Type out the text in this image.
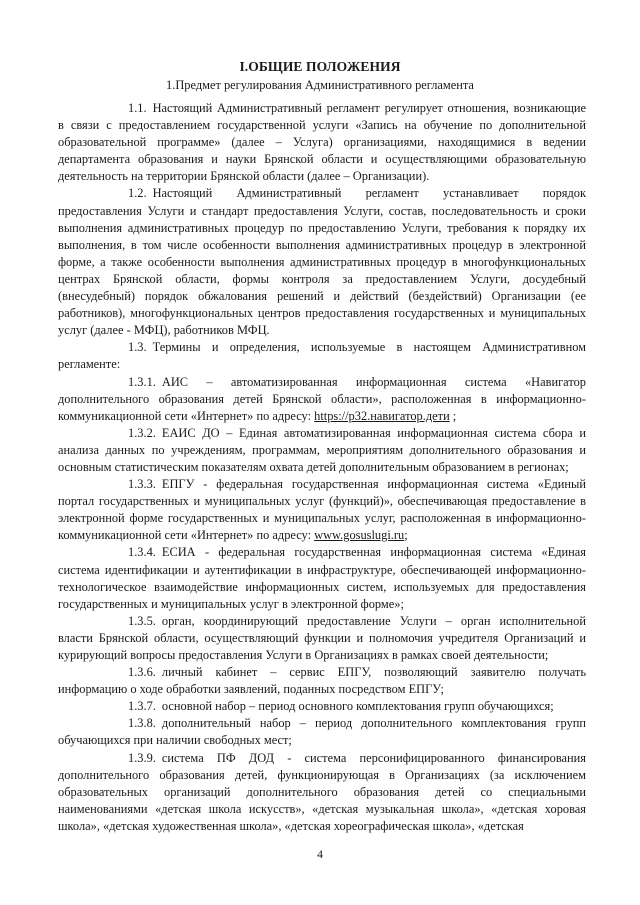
I.ОБЩИЕ ПОЛОЖЕНИЯ
1.Предмет регулирования Административного регламента

1.1. Настоящий Административный регламент регулирует отношения, возникающие в связи с предоставлением государственной услуги «Запись на обучение по дополнительной образовательной программе» (далее – Услуга) организациями, находящимися в ведении департамента образования и науки Брянской области и осуществляющими образовательную деятельность на территории Брянской области (далее – Организации).

1.2. Настоящий Административный регламент устанавливает порядок предоставления Услуги и стандарт предоставления Услуги, состав, последовательность и сроки выполнения административных процедур по предоставлению Услуги, требования к порядку их выполнения, в том числе особенности выполнения административных процедур в электронной форме, а также особенности выполнения административных процедур в многофункциональных центрах Брянской области, формы контроля за предоставлением Услуги, досудебный (внесудебный) порядок обжалования решений и действий (бездействий) Организации (ее работников), многофункциональных центров предоставления государственных и муниципальных услуг (далее - МФЦ), работников МФЦ.

1.3. Термины и определения, используемые в настоящем Административном регламенте:

1.3.1. АИС – автоматизированная информационная система «Навигатор дополнительного образования детей Брянской области», расположенная в информационно-коммуникационной сети «Интернет» по адресу: https://р32.навигатор.дети ;

1.3.2. ЕАИС ДО – Единая автоматизированная информационная система сбора и анализа данных по учреждениям, программам, мероприятиям дополнительного образования и основным статистическим показателям охвата детей дополнительным образованием в регионах;

1.3.3. ЕПГУ - федеральная государственная информационная система «Единый портал государственных и муниципальных услуг (функций)», обеспечивающая предоставление в электронной форме государственных и муниципальных услуг, расположенная в информационно-коммуникационной сети «Интернет» по адресу: www.gosuslugi.ru;

1.3.4. ЕСИА - федеральная государственная информационная система «Единая система идентификации и аутентификации в инфраструктуре, обеспечивающей информационно-технологическое взаимодействие информационных систем, используемых для предоставления государственных и муниципальных услуг в электронной форме»;

1.3.5. орган, координирующий предоставление Услуги – орган исполнительной власти Брянской области, осуществляющий функции и полномочия учредителя Организаций и курирующий вопросы предоставления Услуги в Организациях в рамках своей деятельности;

1.3.6. личный кабинет – сервис ЕПГУ, позволяющий заявителю получать информацию о ходе обработки заявлений, поданных посредством ЕПГУ;

1.3.7. основной набор – период основного комплектования групп обучающихся;

1.3.8. дополнительный набор – период дополнительного комплектования групп обучающихся при наличии свободных мест;

1.3.9. система ПФ ДОД - система персонифицированного финансирования дополнительного образования детей, функционирующая в Организациях (за исключением образовательных организаций дополнительного образования детей со специальными наименованиями «детская школа искусств», «детская музыкальная школа», «детская хоровая школа», «детская художественная школа», «детская хореографическая школа», «детская

4
